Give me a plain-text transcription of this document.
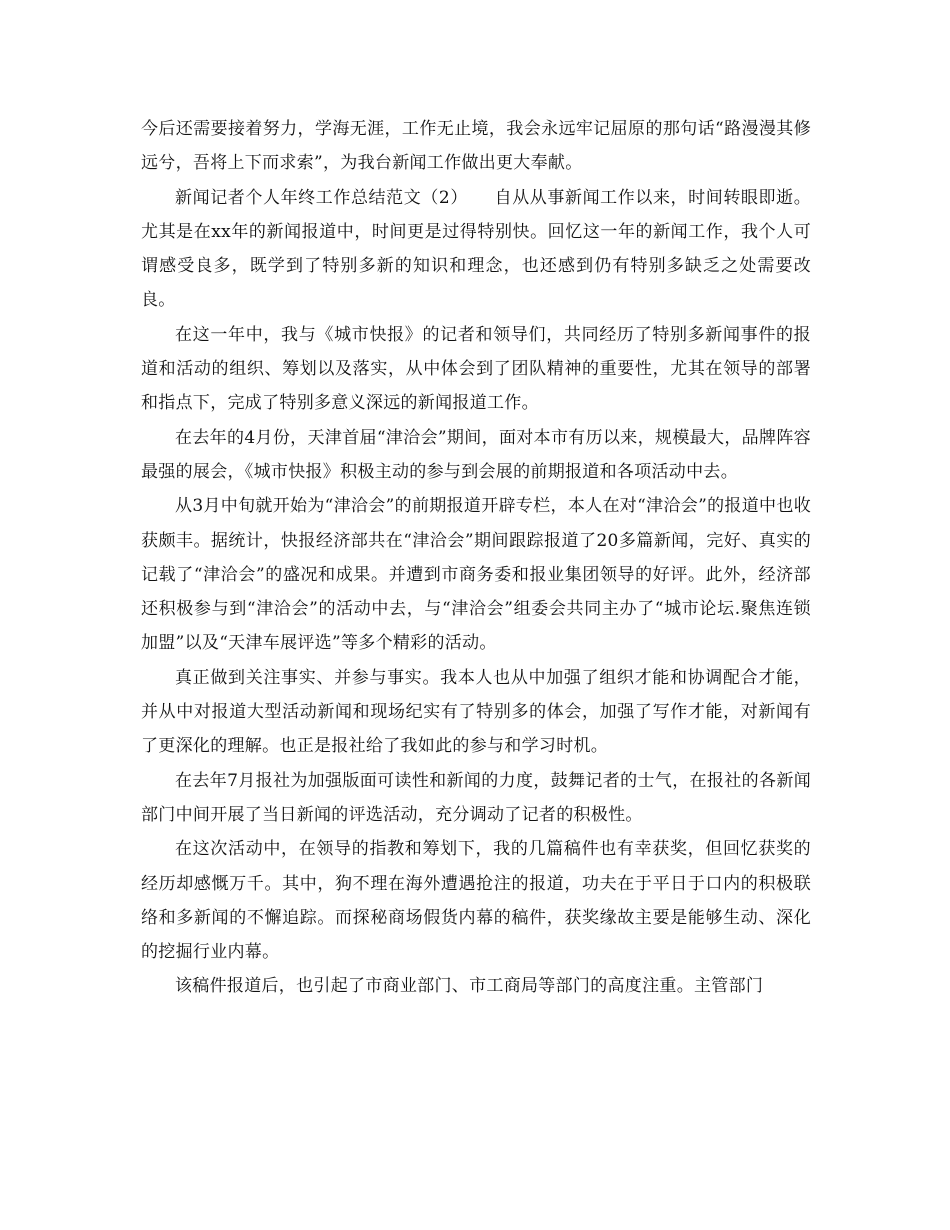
今后还需要接着努力，学海无涯，工作无止境，我会永远牢记屈原的那句话“路漫漫其修远兮，吾将上下而求索”，为我台新闻工作做出更大奉献。

新闻记者个人年终工作总结范文（2）　　自从从事新闻工作以来，时间转眼即逝。尤其是在xx年的新闻报道中，时间更是过得特别快。回忆这一年的新闻工作，我个人可谓感受良多，既学到了特别多新的知识和理念，也还感到仍有特别多缺乏之处需要改良。

在这一年中，我与《城市快报》的记者和领导们，共同经历了特别多新闻事件的报道和活动的组织、筹划以及落实，从中体会到了团队精神的重要性，尤其在领导的部署和指点下，完成了特别多意义深远的新闻报道工作。

在去年的4月份，天津首届“津洽会”期间，面对本市有历以来，规模最大，品牌阵容最强的展会，《城市快报》积极主动的参与到会展的前期报道和各项活动中去。

从3月中旬就开始为“津洽会”的前期报道开辟专栏，本人在对“津洽会”的报道中也收获颇丰。据统计，快报经济部共在“津洽会”期间跟踪报道了20多篇新闻，完好、真实的记载了“津洽会”的盛况和成果。并遭到市商务委和报业集团领导的好评。此外，经济部还积极参与到“津洽会”的活动中去，与“津洽会”组委会共同主办了“城市论坛.聚焦连锁加盟”以及“天津车展评选”等多个精彩的活动。

真正做到关注事实、并参与事实。我本人也从中加强了组织才能和协调配合才能，并从中对报道大型活动新闻和现场纪实有了特别多的体会，加强了写作才能，对新闻有了更深化的理解。也正是报社给了我如此的参与和学习时机。

在去年7月报社为加强版面可读性和新闻的力度，鼓舞记者的士气，在报社的各新闻部门中间开展了当日新闻的评选活动，充分调动了记者的积极性。

在这次活动中，在领导的指教和筹划下，我的几篇稿件也有幸获奖，但回忆获奖的经历却感慨万千。其中，狗不理在海外遭遇抢注的报道，功夫在于平日于口内的积极联络和多新闻的不懈追踪。而探秘商场假货内幕的稿件，获奖缘故主要是能够生动、深化的挖掘行业内幕。

该稿件报道后，也引起了市商业部门、市工商局等部门的高度注重。主管部门
